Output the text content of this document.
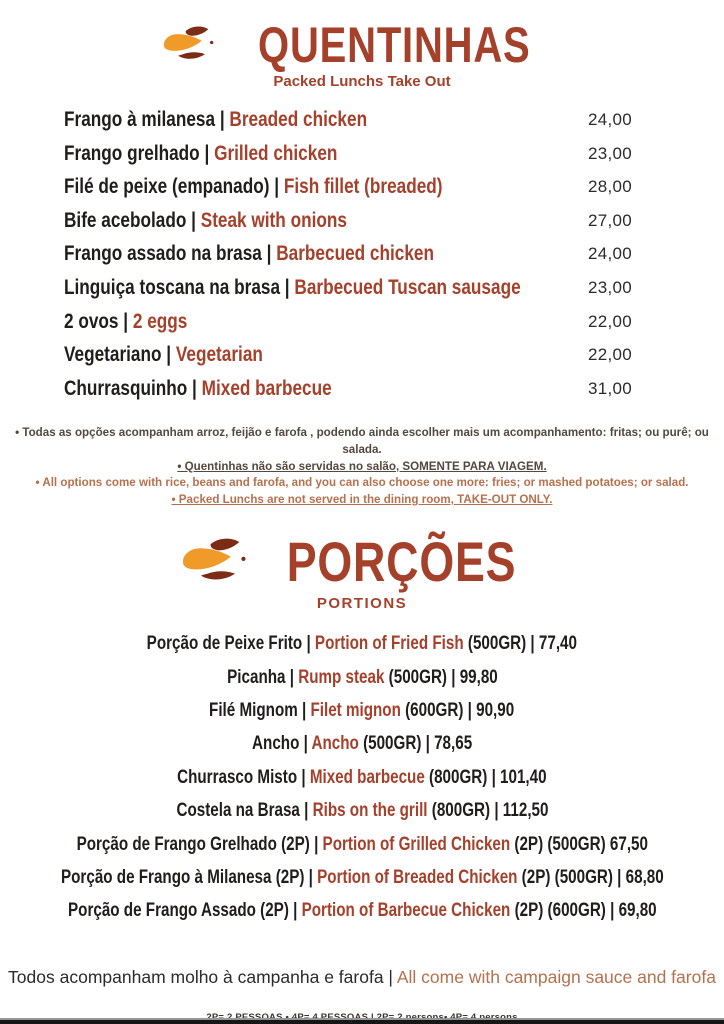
QUENTINHAS
Packed Lunchs Take Out
Frango à milanesa | Breaded chicken	24,00
Frango grelhado | Grilled chicken	23,00
Filé de peixe (empanado) | Fish fillet (breaded)	28,00
Bife acebolado | Steak with onions	27,00
Frango assado na brasa | Barbecued chicken	24,00
Linguiça toscana na brasa | Barbecued Tuscan sausage	23,00
2 ovos | 2 eggs	22,00
Vegetariano | Vegetarian	22,00
Churrasquinho | Mixed barbecue	31,00
• Todas as opções acompanham arroz, feijão e farofa , podendo ainda escolher mais um acompanhamento: fritas; ou purê; ou salada.
• Quentinhas não são servidas no salão, SOMENTE PARA VIAGEM.
• All options come with rice, beans and farofa, and you can also choose one more: fries; or mashed potatoes; or salad.
• Packed Lunchs are not served in the dining room, TAKE-OUT ONLY.
PORÇÕES
PORTIONS
Porção de Peixe Frito | Portion of Fried Fish (500GR) | 77,40
Picanha | Rump steak (500GR) | 99,80
Filé Mignom | Filet mignon (600GR) | 90,90
Ancho | Ancho (500GR) | 78,65
Churrasco Misto | Mixed barbecue (800GR) | 101,40
Costela na Brasa | Ribs on the grill (800GR) | 112,50
Porção de Frango Grelhado (2P) | Portion of Grilled Chicken (2P) (500GR) 67,50
Porção de Frango à Milanesa (2P) | Portion of Breaded Chicken (2P) (500GR) | 68,80
Porção de Frango Assado (2P) | Portion of Barbecue Chicken (2P) (600GR) | 69,80
Todos acompanham molho à campanha e farofa | All come with campaign sauce and farofa
